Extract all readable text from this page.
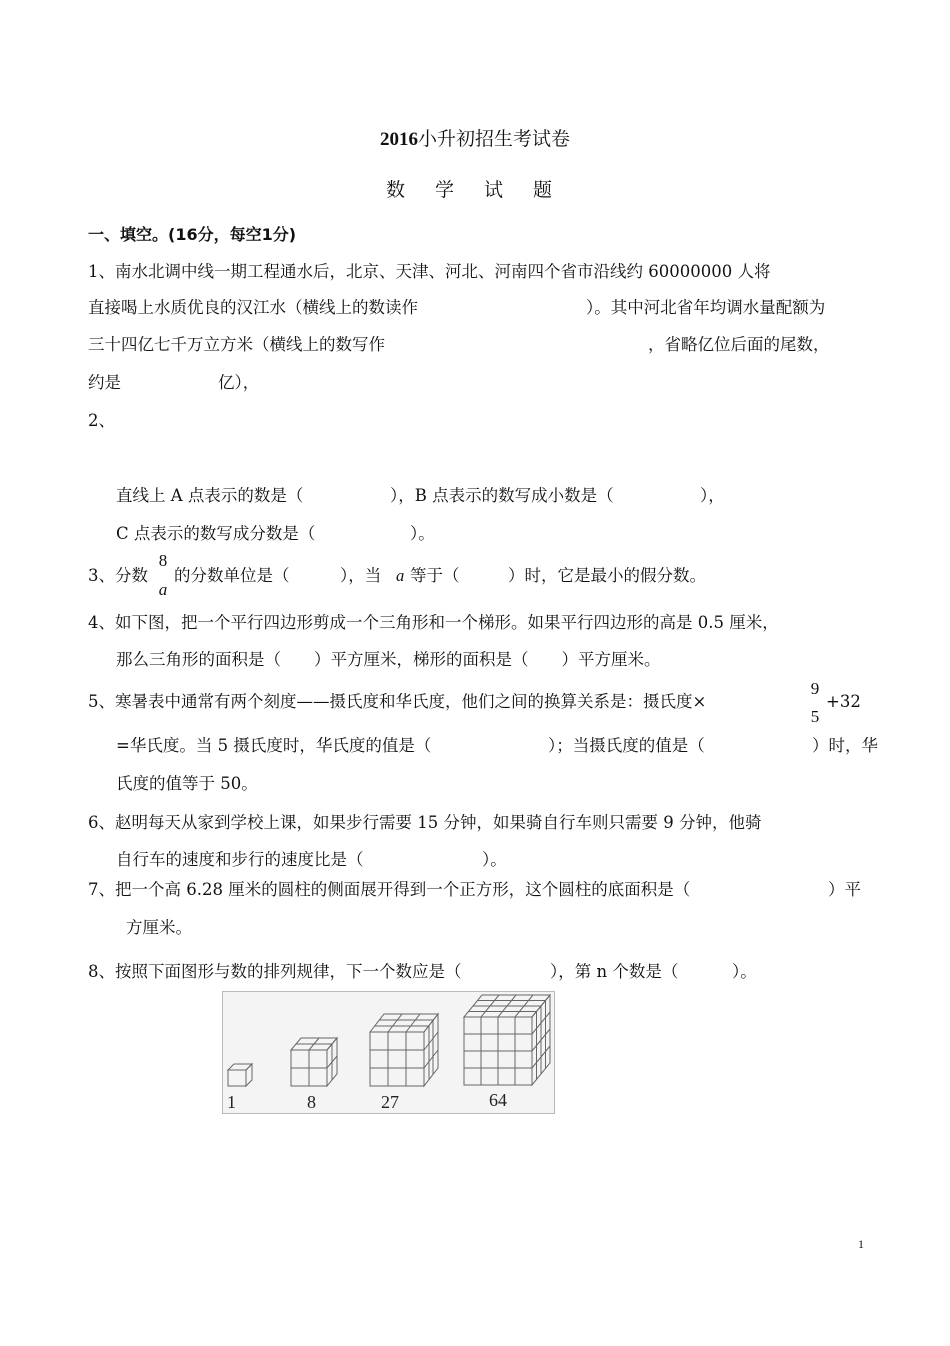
2016小升初招生考试卷
数 学 试 题
一、填空。(16分，每空1分)
1、南水北调中线一期工程通水后，北京、天津、河北、河南四个省市沿线约 60000000 人将
直接喝上水质优良的汉江水（横线上的数读作	）。其中河北省年均调水量配额为
三十四亿七千万立方米（横线上的数写作	，省略亿位后面的尾数，
约是	亿），
2、
直线上 A 点表示的数是（	），B 点表示的数写成小数是（	），
C 点表示的数写成分数是（	）。
3、分数
8
a
的分数单位是（	），当 a 等于（	）时，它是最小的假分数。
4、如下图，把一个平行四边形剪成一个三角形和一个梯形。如果平行四边形的高是 0.5 厘米，
那么三角形的面积是（　　）平方厘米，梯形的面积是（　　）平方厘米。
5、寒暑表中通常有两个刻度——摄氏度和华氏度，他们之间的换算关系是：摄氏度×
9
5
+32
=华氏度。当 5 摄氏度时，华氏度的值是（	）；当摄氏度的值是（	）时，华
氏度的值等于 50。
6、赵明每天从家到学校上课，如果步行需要 15 分钟，如果骑自行车则只需要 9 分钟，他骑
自行车的速度和步行的速度比是（	）。
7、把一个高 6.28 厘米的圆柱的侧面展开得到一个正方形，这个圆柱的底面积是（	）平
方厘米。
8、按照下面图形与数的排列规律，下一个数应是（	），第 n 个数是（	）。
1	8	27	64
1
